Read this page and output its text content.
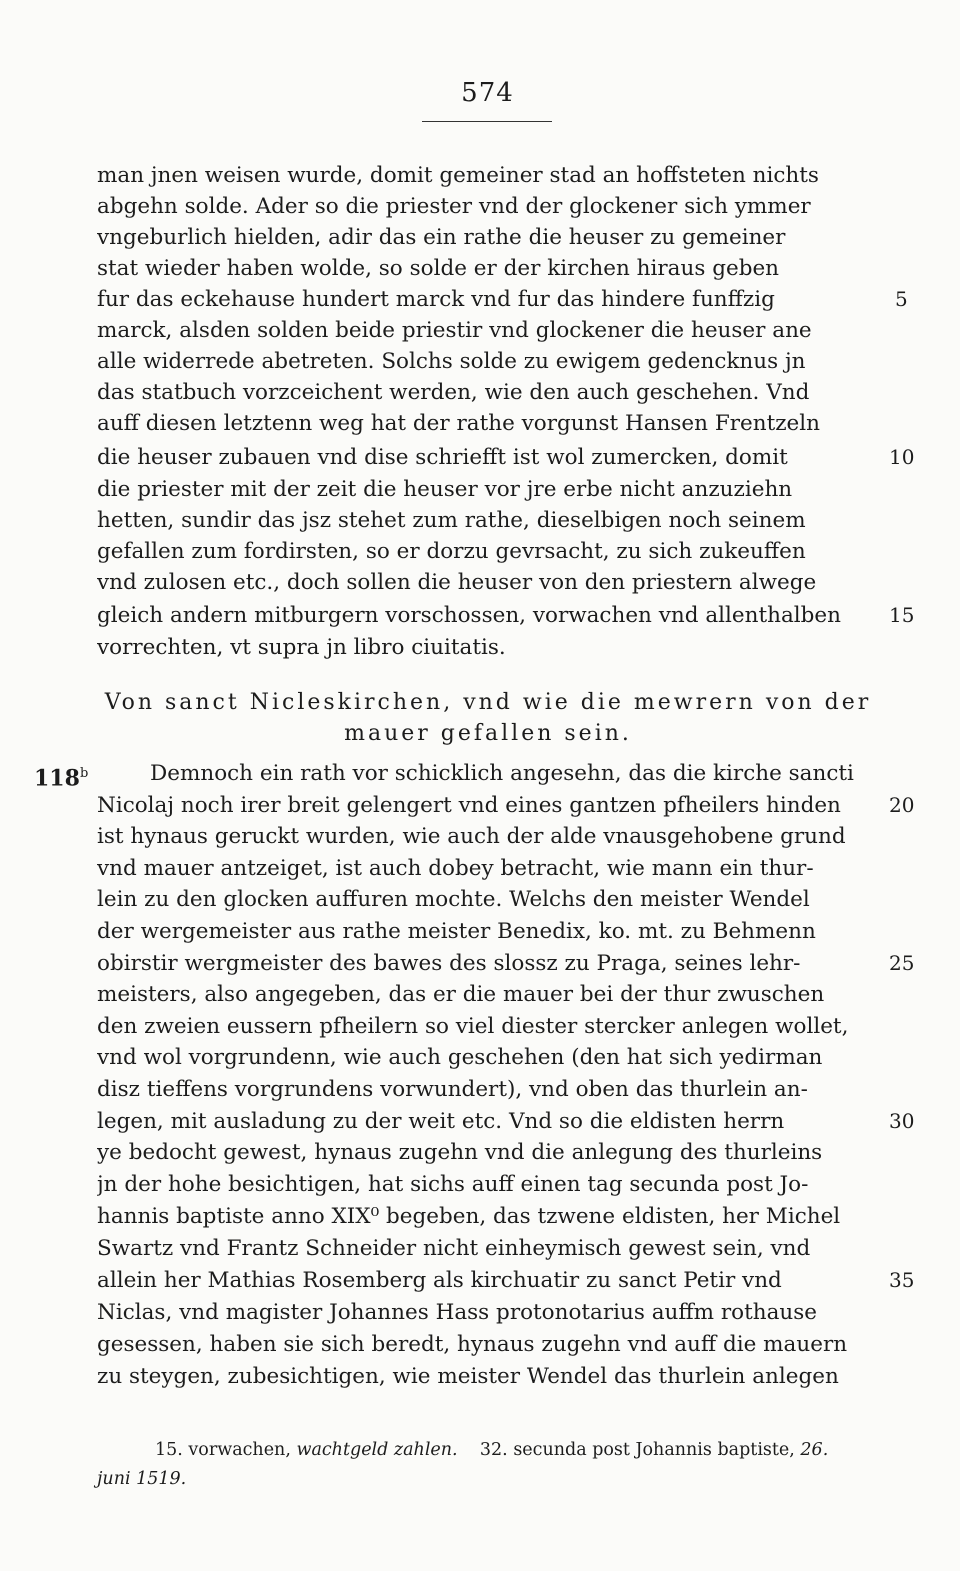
574
man jnen weisen wurde, domit gemeiner stad an hoffsteten nichts
abgehn solde. Ader so die priester vnd der glockener sich ymmer
vngeburlich hielden, adir das ein rathe die heuser zu gemeiner
stat wieder haben wolde, so solde er der kirchen hiraus geben
fur das eckehause hundert marck vnd fur das hindere funffzig
marck, alsden solden beide priestir vnd glockener die heuser ane
alle widerrede abetreten. Solchs solde zu ewigem gedencknus jn
das statbuch vorzceichent werden, wie den auch geschehen. Vnd
auff diesen letztenn weg hat der rathe vorgunst Hansen Frentzeln
die heuser zubauen vnd dise schriefft ist wol zumercken, domit
die priester mit der zeit die heuser vor jre erbe nicht anzuziehn
hetten, sundir das jsz stehet zum rathe, dieselbigen noch seinem
gefallen zum fordirsten, so er dorzu gevrsacht, zu sich zukeuffen
vnd zulosen etc., doch sollen die heuser von den priestern alwege
gleich andern mitburgern vorschossen, vorwachen vnd allenthalben
vorrechten, vt supra jn libro ciuitatis.
Von sanct Nicleskirchen, vnd wie die mewrern von der
mauer gefallen sein.
118$^b$	Demnoch ein rath vor schicklich angesehn, das die kirche sancti
Nicolaj noch irer breit gelengert vnd eines gantzen pfheilers hinden
ist hynaus geruckt wurden, wie auch der alde vnausgehobene grund
vnd mauer antzeiget, ist auch dobey betracht, wie mann ein thur-
lein zu den glocken auffuren mochte. Welchs den meister Wendel
der wergemeister aus rathe meister Benedix, ko. mt. zu Behmenn
obirstir wergmeister des bawes des slossz zu Praga, seines lehr-
meisters, also angegeben, das er die mauer bei der thur zwuschen
den zweien eussern pfheilern so viel diester stercker anlegen wollet,
vnd wol vorgrundenn, wie auch geschehen (den hat sich yedirman
disz tieffens vorgrundens vorwundert), vnd oben das thurlein an-
legen, mit ausladung zu der weit etc. Vnd so die eldisten herrn
ye bedocht gewest, hynaus zugehn vnd die anlegung des thurleins
jn der hohe besichtigen, hat sichs auff einen tag secunda post Jo-
hannis baptiste anno XIX⁰ begeben, das tzwene eldisten, her Michel
Swartz vnd Frantz Schneider nicht einheymisch gewest sein, vnd
allein her Mathias Rosemberg als kirchuatir zu sanct Petir vnd
Niclas, vnd magister Johannes Hass protonotarius auffm rothause
gesessen, haben sie sich beredt, hynaus zugehn vnd auff die mauern
zu steygen, zubesichtigen, wie meister Wendel das thurlein anlegen
5
10
15
20
25
30
35
15. vorwachen, wachtgeld zahlen. 32. secunda post Johannis baptiste, 26.
juni 1519.
